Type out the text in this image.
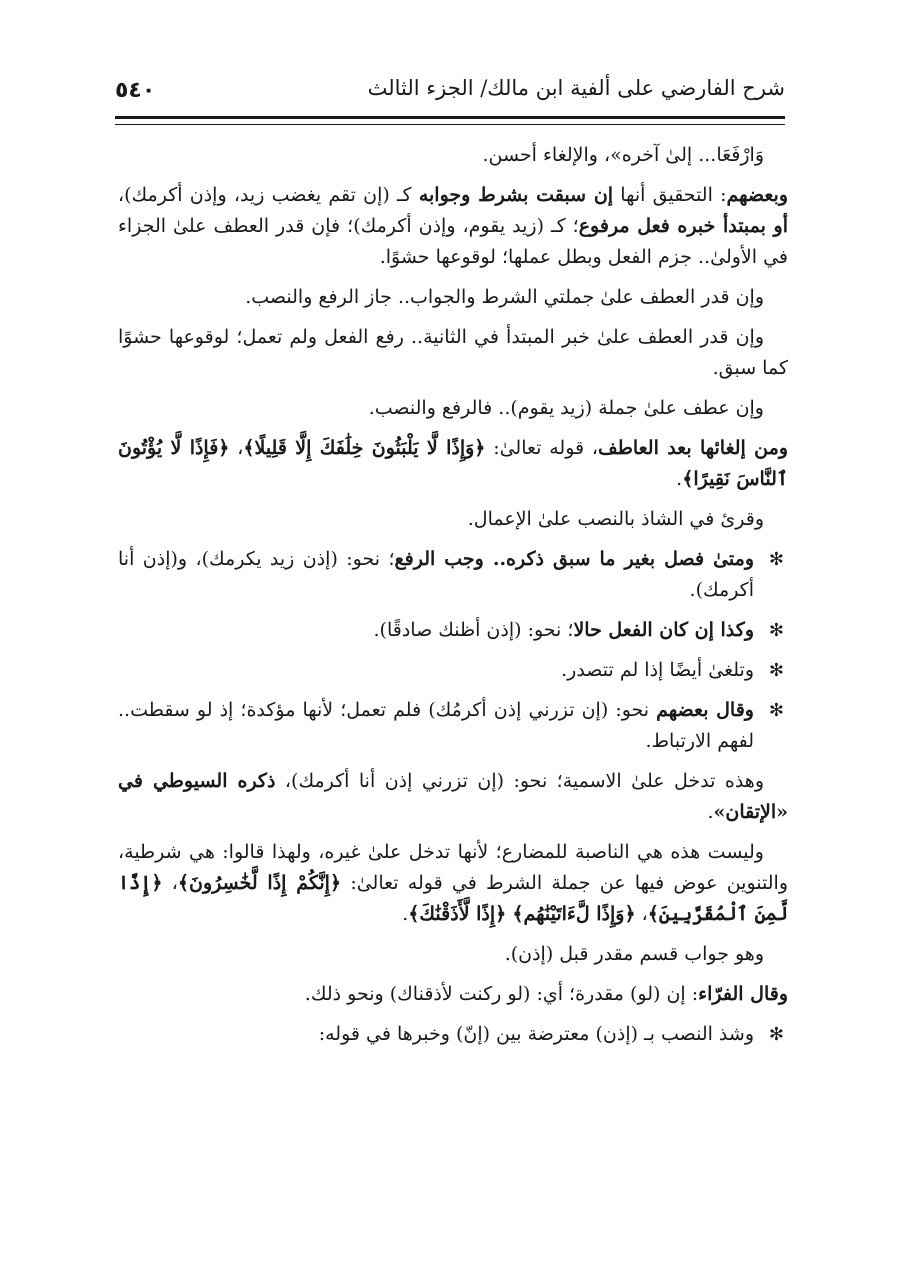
شرح الفارضي على ألفية ابن مالك/ الجزء الثالث
٥٤٠

وَارْفَعَا... إلىٰ آخره»، والإلغاء أحسن.

وبعضهم: التحقيق أنها إن سبقت بشرط وجوابه كـ (إن تقم يغضب زيد، وإذن أكرمك)، أو بمبتدأ خبره فعل مرفوع؛ كـ (زيد يقوم، وإذن أكرمك)؛ فإن قدر العطف علىٰ الجزاء في الأولىٰ.. جزم الفعل وبطل عملها؛ لوقوعها حشوًا.

وإن قدر العطف علىٰ جملتي الشرط والجواب.. جاز الرفع والنصب.

وإن قدر العطف علىٰ خبر المبتدأ في الثانية.. رفع الفعل ولم تعمل؛ لوقوعها حشوًا كما سبق.

وإن عطف علىٰ جملة (زيد يقوم).. فالرفع والنصب.

ومن إلغائها بعد العاطف، قوله تعالىٰ: ﴿وَإِذًا لَّا يَلْبَثُونَ خِلَٰفَكَ إِلَّا قَلِيلًا﴾، ﴿فَإِذًا لَّا يُؤْتُونَ ٱلنَّاسَ نَقِيرًا﴾.

وقرئ في الشاذ بالنصب علىٰ الإعمال.

✻
ومتىٰ فصل بغير ما سبق ذكره.. وجب الرفع؛ نحو: (إذن زيد يكرمك)، و(إذن أنا أكرمك).

✻
وكذا إن كان الفعل حالا؛ نحو: (إذن أظنك صادقًا).

✻
وتلغىٰ أيضًا إذا لم تتصدر.

✻
وقال بعضهم نحو: (إن تزرني إذن أكرمُك) فلم تعمل؛ لأنها مؤكدة؛ إذ لو سقطت.. لفهم الارتباط.

وهذه تدخل علىٰ الاسمية؛ نحو: (إن تزرني إذن أنا أكرمك)، ذكره السيوطي في «الإتقان».

وليست هذه هي الناصبة للمضارع؛ لأنها تدخل علىٰ غيره، ولهذا قالوا: هي شرطية، والتنوين عوض فيها عن جملة الشرط في قوله تعالىٰ: ﴿إِنَّكُمْ إِذًا لَّخَٰسِرُونَ﴾، ﴿إِذًا لَّمِنَ ٱلْمُقَرَّبِينَ﴾، ﴿وَإِذًا لَّءَاتَيْنَٰهُم﴾ ﴿إِذًا لَّأَذَقْنَٰكَ﴾.

وهو جواب قسم مقدر قبل (إذن).

وقال الفرّاء: إن (لو) مقدرة؛ أي: (لو ركنت لأذقناك) ونحو ذلك.

✻
وشذ النصب بـ (إذن) معترضة بين (إنّ) وخبرها في قوله:
